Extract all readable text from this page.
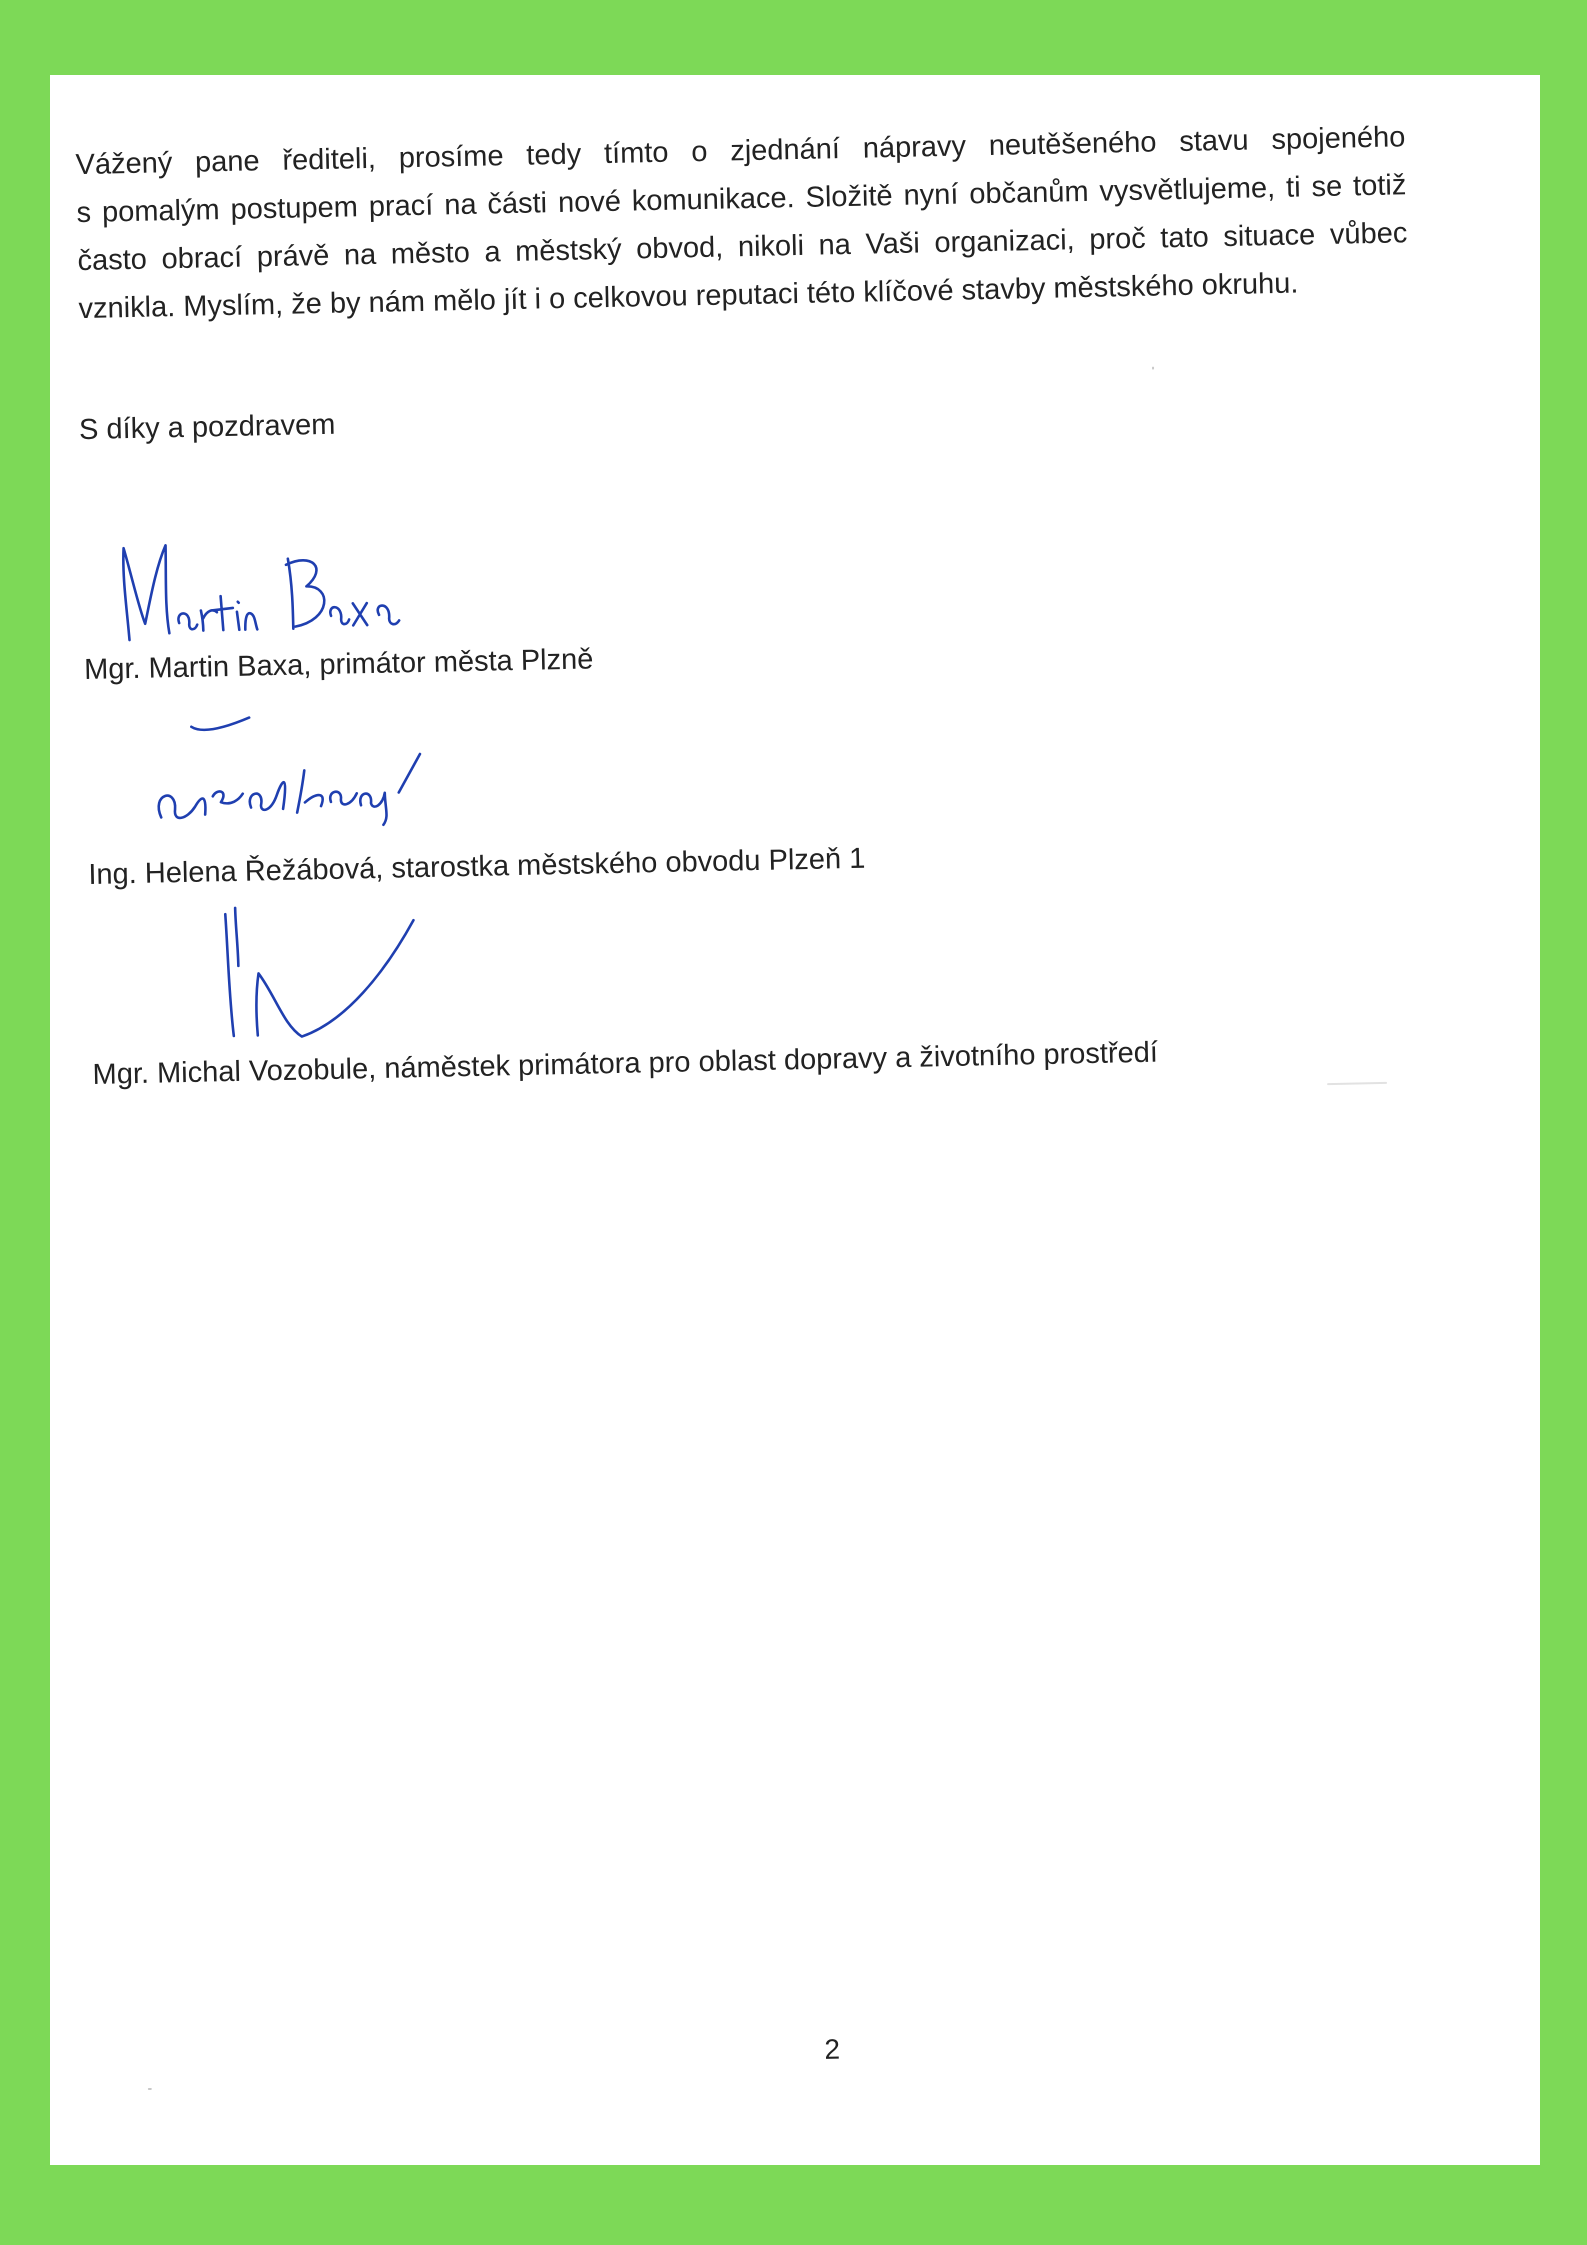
Vážený pane řediteli, prosíme tedy tímto o zjednání nápravy neutěšeného stavu spojeného
s pomalým postupem prací na části nové komunikace. Složitě nyní občanům vysvětlujeme, ti se totiž
často obrací právě na město a městský obvod, nikoli na Vaši organizaci, proč tato situace vůbec
vznikla. Myslím, že by nám mělo jít i o celkovou reputaci této klíčové stavby městského okruhu.
S díky a pozdravem
Mgr. Martin Baxa, primátor města Plzně
Ing. Helena Řežábová, starostka městského obvodu Plzeň 1
Mgr. Michal Vozobule, náměstek primátora pro oblast dopravy a životního prostředí
2
